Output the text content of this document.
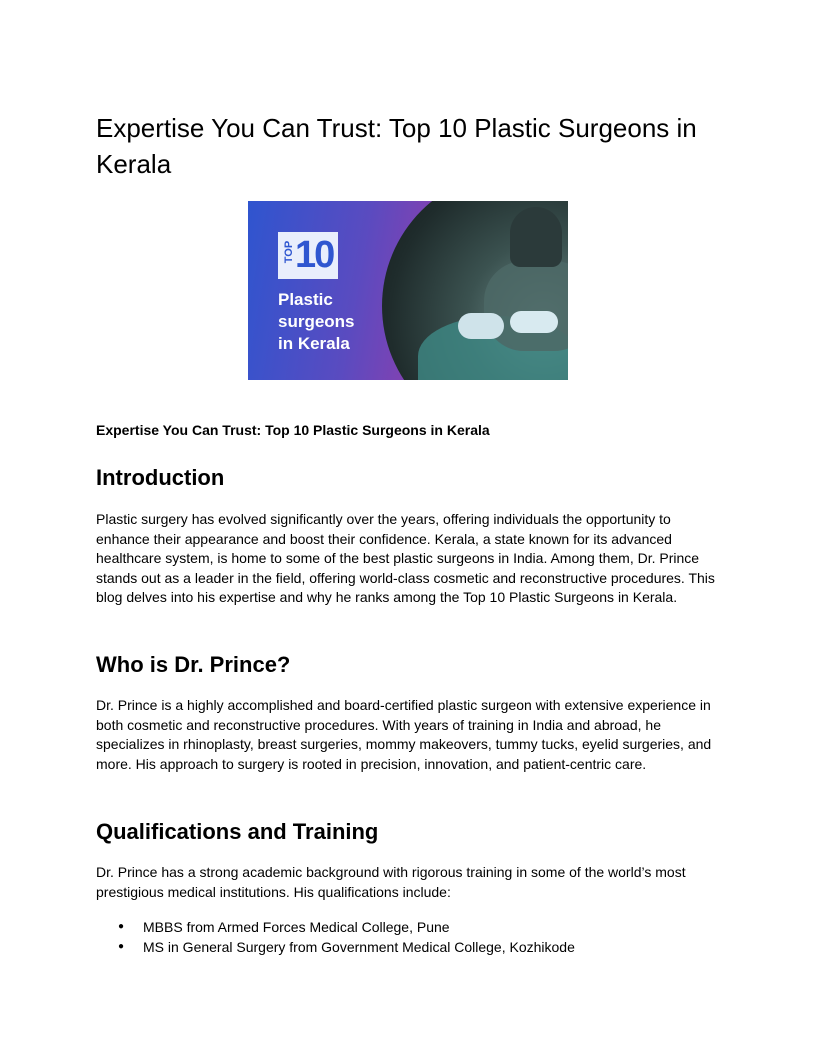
Expertise You Can Trust: Top 10 Plastic Surgeons in Kerala
TOP 10
Plastic
surgeons
in Kerala

Expertise You Can Trust: Top 10 Plastic Surgeons in Kerala

Introduction

Plastic surgery has evolved significantly over the years, offering individuals the opportunity to enhance their appearance and boost their confidence. Kerala, a state known for its advanced healthcare system, is home to some of the best plastic surgeons in India. Among them, Dr. Prince stands out as a leader in the field, offering world-class cosmetic and reconstructive procedures. This blog delves into his expertise and why he ranks among the Top 10 Plastic Surgeons in Kerala.

Who is Dr. Prince?

Dr. Prince is a highly accomplished and board-certified plastic surgeon with extensive experience in both cosmetic and reconstructive procedures. With years of training in India and abroad, he specializes in rhinoplasty, breast surgeries, mommy makeovers, tummy tucks, eyelid surgeries, and more. His approach to surgery is rooted in precision, innovation, and patient-centric care.

Qualifications and Training

Dr. Prince has a strong academic background with rigorous training in some of the world’s most prestigious medical institutions. His qualifications include:

● MBBS from Armed Forces Medical College, Pune
● MS in General Surgery from Government Medical College, Kozhikode
